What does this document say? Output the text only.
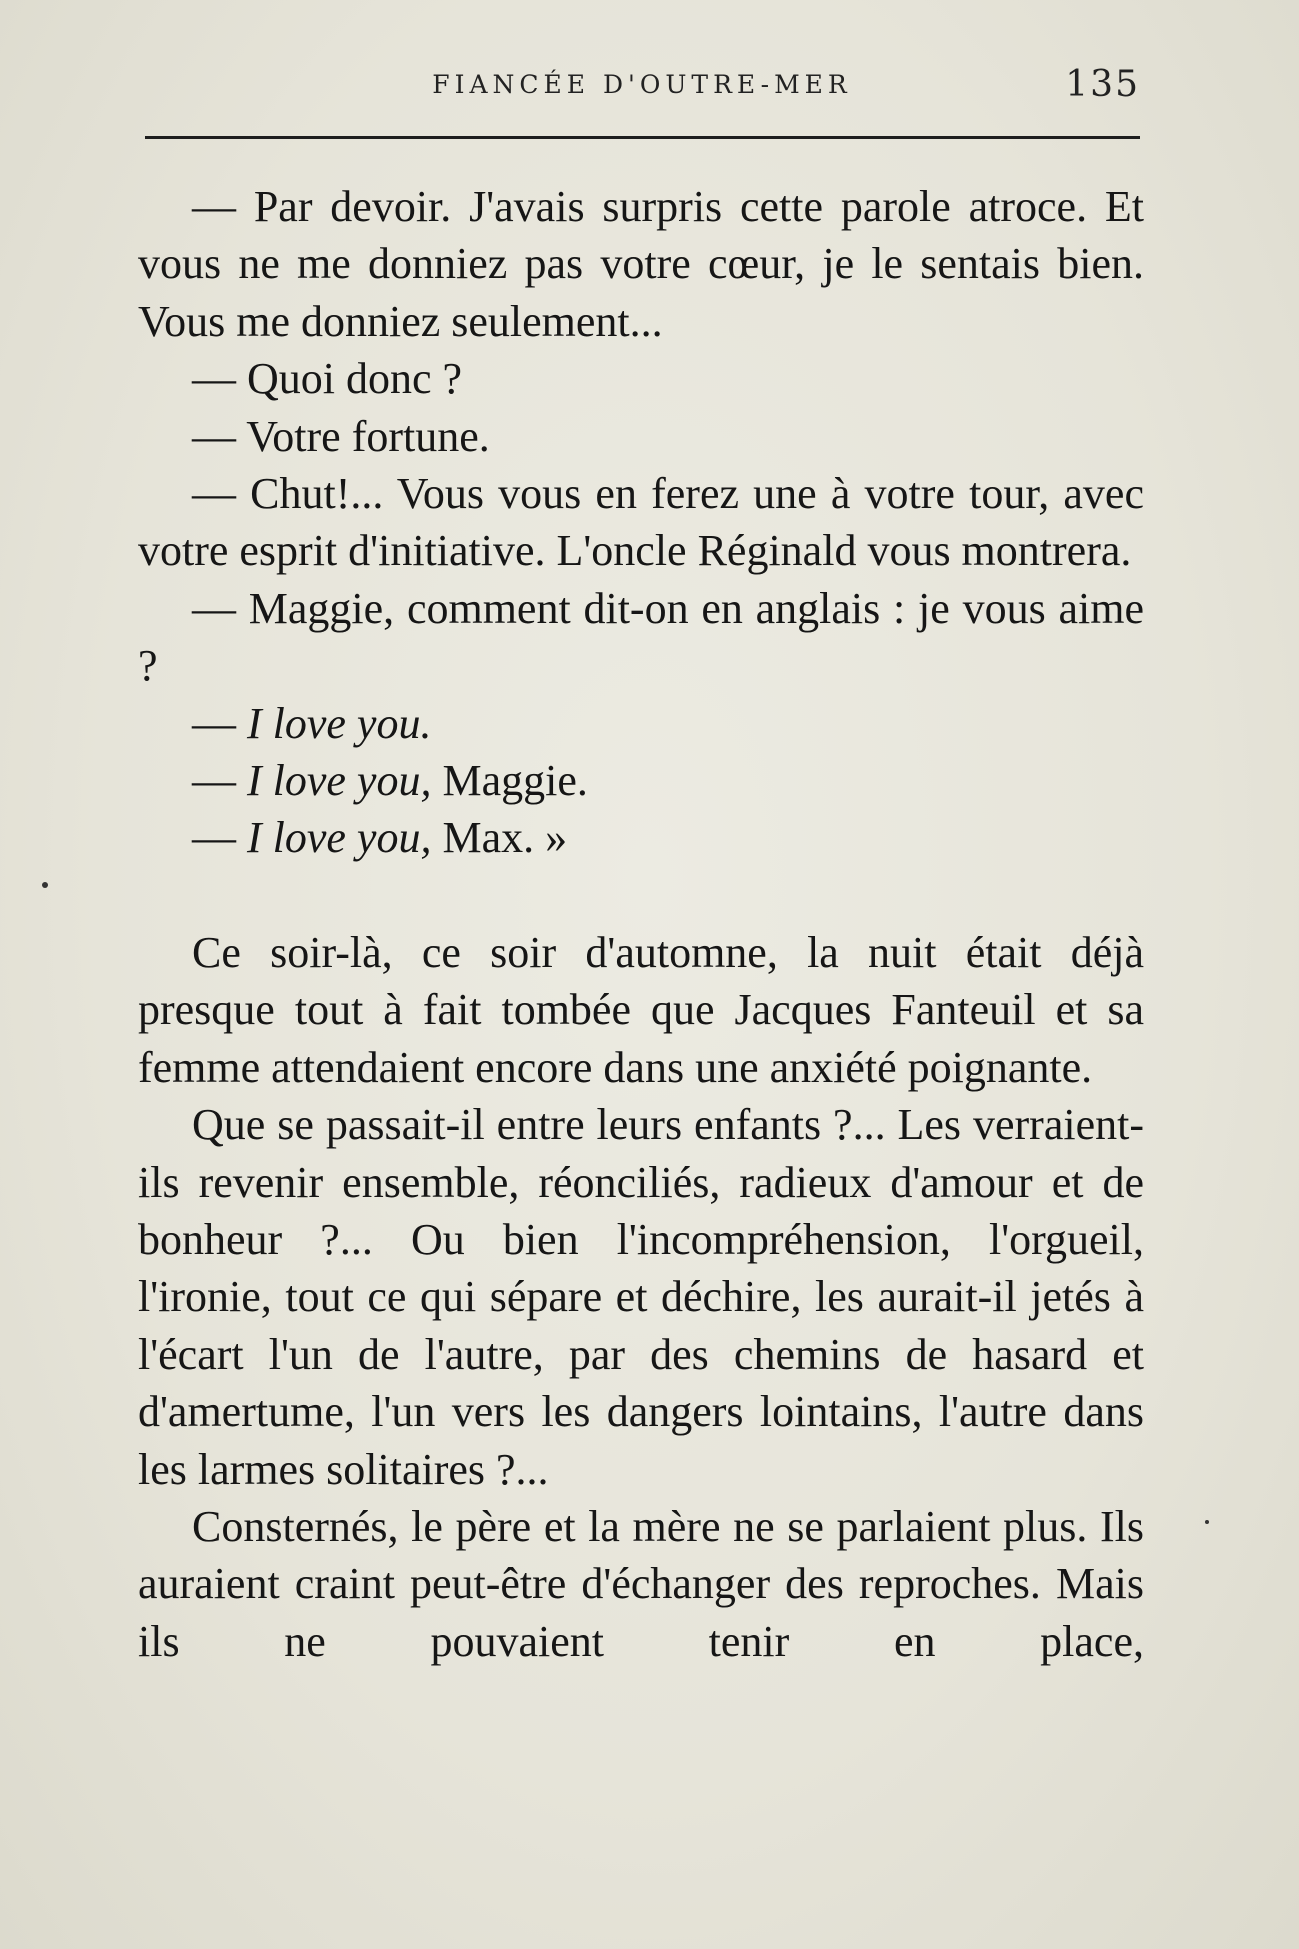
FIANCÉE D'OUTRE-MER	135

— Par devoir. J'avais surpris cette parole atroce. Et vous ne me donniez pas votre cœur, je le sentais bien. Vous me donniez seulement...

— Quoi donc ?

— Votre fortune.

— Chut!... Vous vous en ferez une à votre tour, avec votre esprit d'initiative. L'oncle Réginald vous montrera.

— Maggie, comment dit-on en anglais : je vous aime ?

— I love you.

— I love you, Maggie.

— I love you, Max. »

Ce soir-là, ce soir d'automne, la nuit était déjà presque tout à fait tombée que Jacques Fanteuil et sa femme attendaient encore dans une anxiété poignante.

Que se passait-il entre leurs enfants ?... Les verraient-ils revenir ensemble, réonciliés, radieux d'amour et de bonheur ?... Ou bien l'incompréhension, l'orgueil, l'ironie, tout ce qui sépare et déchire, les aurait-il jetés à l'écart l'un de l'autre, par des chemins de hasard et d'amertume, l'un vers les dangers lointains, l'autre dans les larmes solitaires ?...

Consternés, le père et la mère ne se parlaient plus. Ils auraient craint peut-être d'échanger des reproches. Mais ils ne pouvaient tenir en place,
